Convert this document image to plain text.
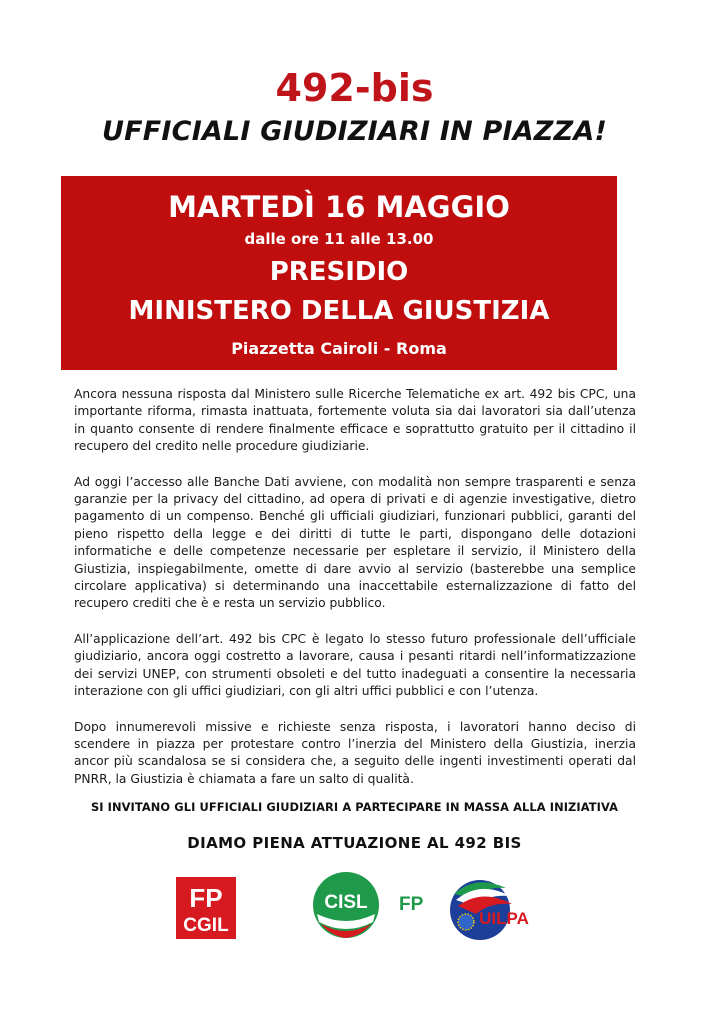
492-bis
UFFICIALI GIUDIZIARI IN PIAZZA!
MARTEDÌ 16 MAGGIO
dalle ore 11 alle 13.00
PRESIDIO
MINISTERO DELLA GIUSTIZIA
Piazzetta Cairoli - Roma

Ancora nessuna risposta dal Ministero sulle Ricerche Telematiche ex art. 492 bis CPC, una importante riforma, rimasta inattuata, fortemente voluta sia dai lavoratori sia dall’utenza in quanto consente di rendere finalmente efficace e soprattutto gratuito per il cittadino il recupero del credito nelle procedure giudiziarie.

Ad oggi l’accesso alle Banche Dati avviene, con modalità non sempre trasparenti e senza garanzie per la privacy del cittadino, ad opera di privati e di agenzie investigative, dietro pagamento di un compenso. Benché gli ufficiali giudiziari, funzionari pubblici, garanti del pieno rispetto della legge e dei diritti di tutte le parti, dispongano delle dotazioni informatiche e delle competenze necessarie per espletare il servizio, il Ministero della Giustizia, inspiegabilmente, omette di dare avvio al servizio (basterebbe una semplice circolare applicativa) si determinando una inaccettabile esternalizzazione di fatto del recupero crediti che è e resta un servizio pubblico.

All’applicazione dell’art. 492 bis CPC è legato lo stesso futuro professionale dell’ufficiale giudiziario, ancora oggi costretto a lavorare, causa i pesanti ritardi nell’informatizzazione dei servizi UNEP, con strumenti obsoleti e del tutto inadeguati a consentire la necessaria interazione con gli uffici giudiziari, con gli altri uffici pubblici e con l’utenza.

Dopo innumerevoli missive e richieste senza risposta, i lavoratori hanno deciso di scendere in piazza per protestare contro l’inerzia del Ministero della Giustizia, inerzia ancor più scandalosa se si considera che, a seguito delle ingenti investimenti operati dal PNRR, la Giustizia è chiamata a fare un salto di qualità.

SI INVITANO GLI UFFICIALI GIUDIZIARI A PARTECIPARE IN MASSA ALLA INIZIATIVA
DIAMO PIENA ATTUAZIONE AL 492 BIS
FP
CGIL
CISL FP
UILPA
